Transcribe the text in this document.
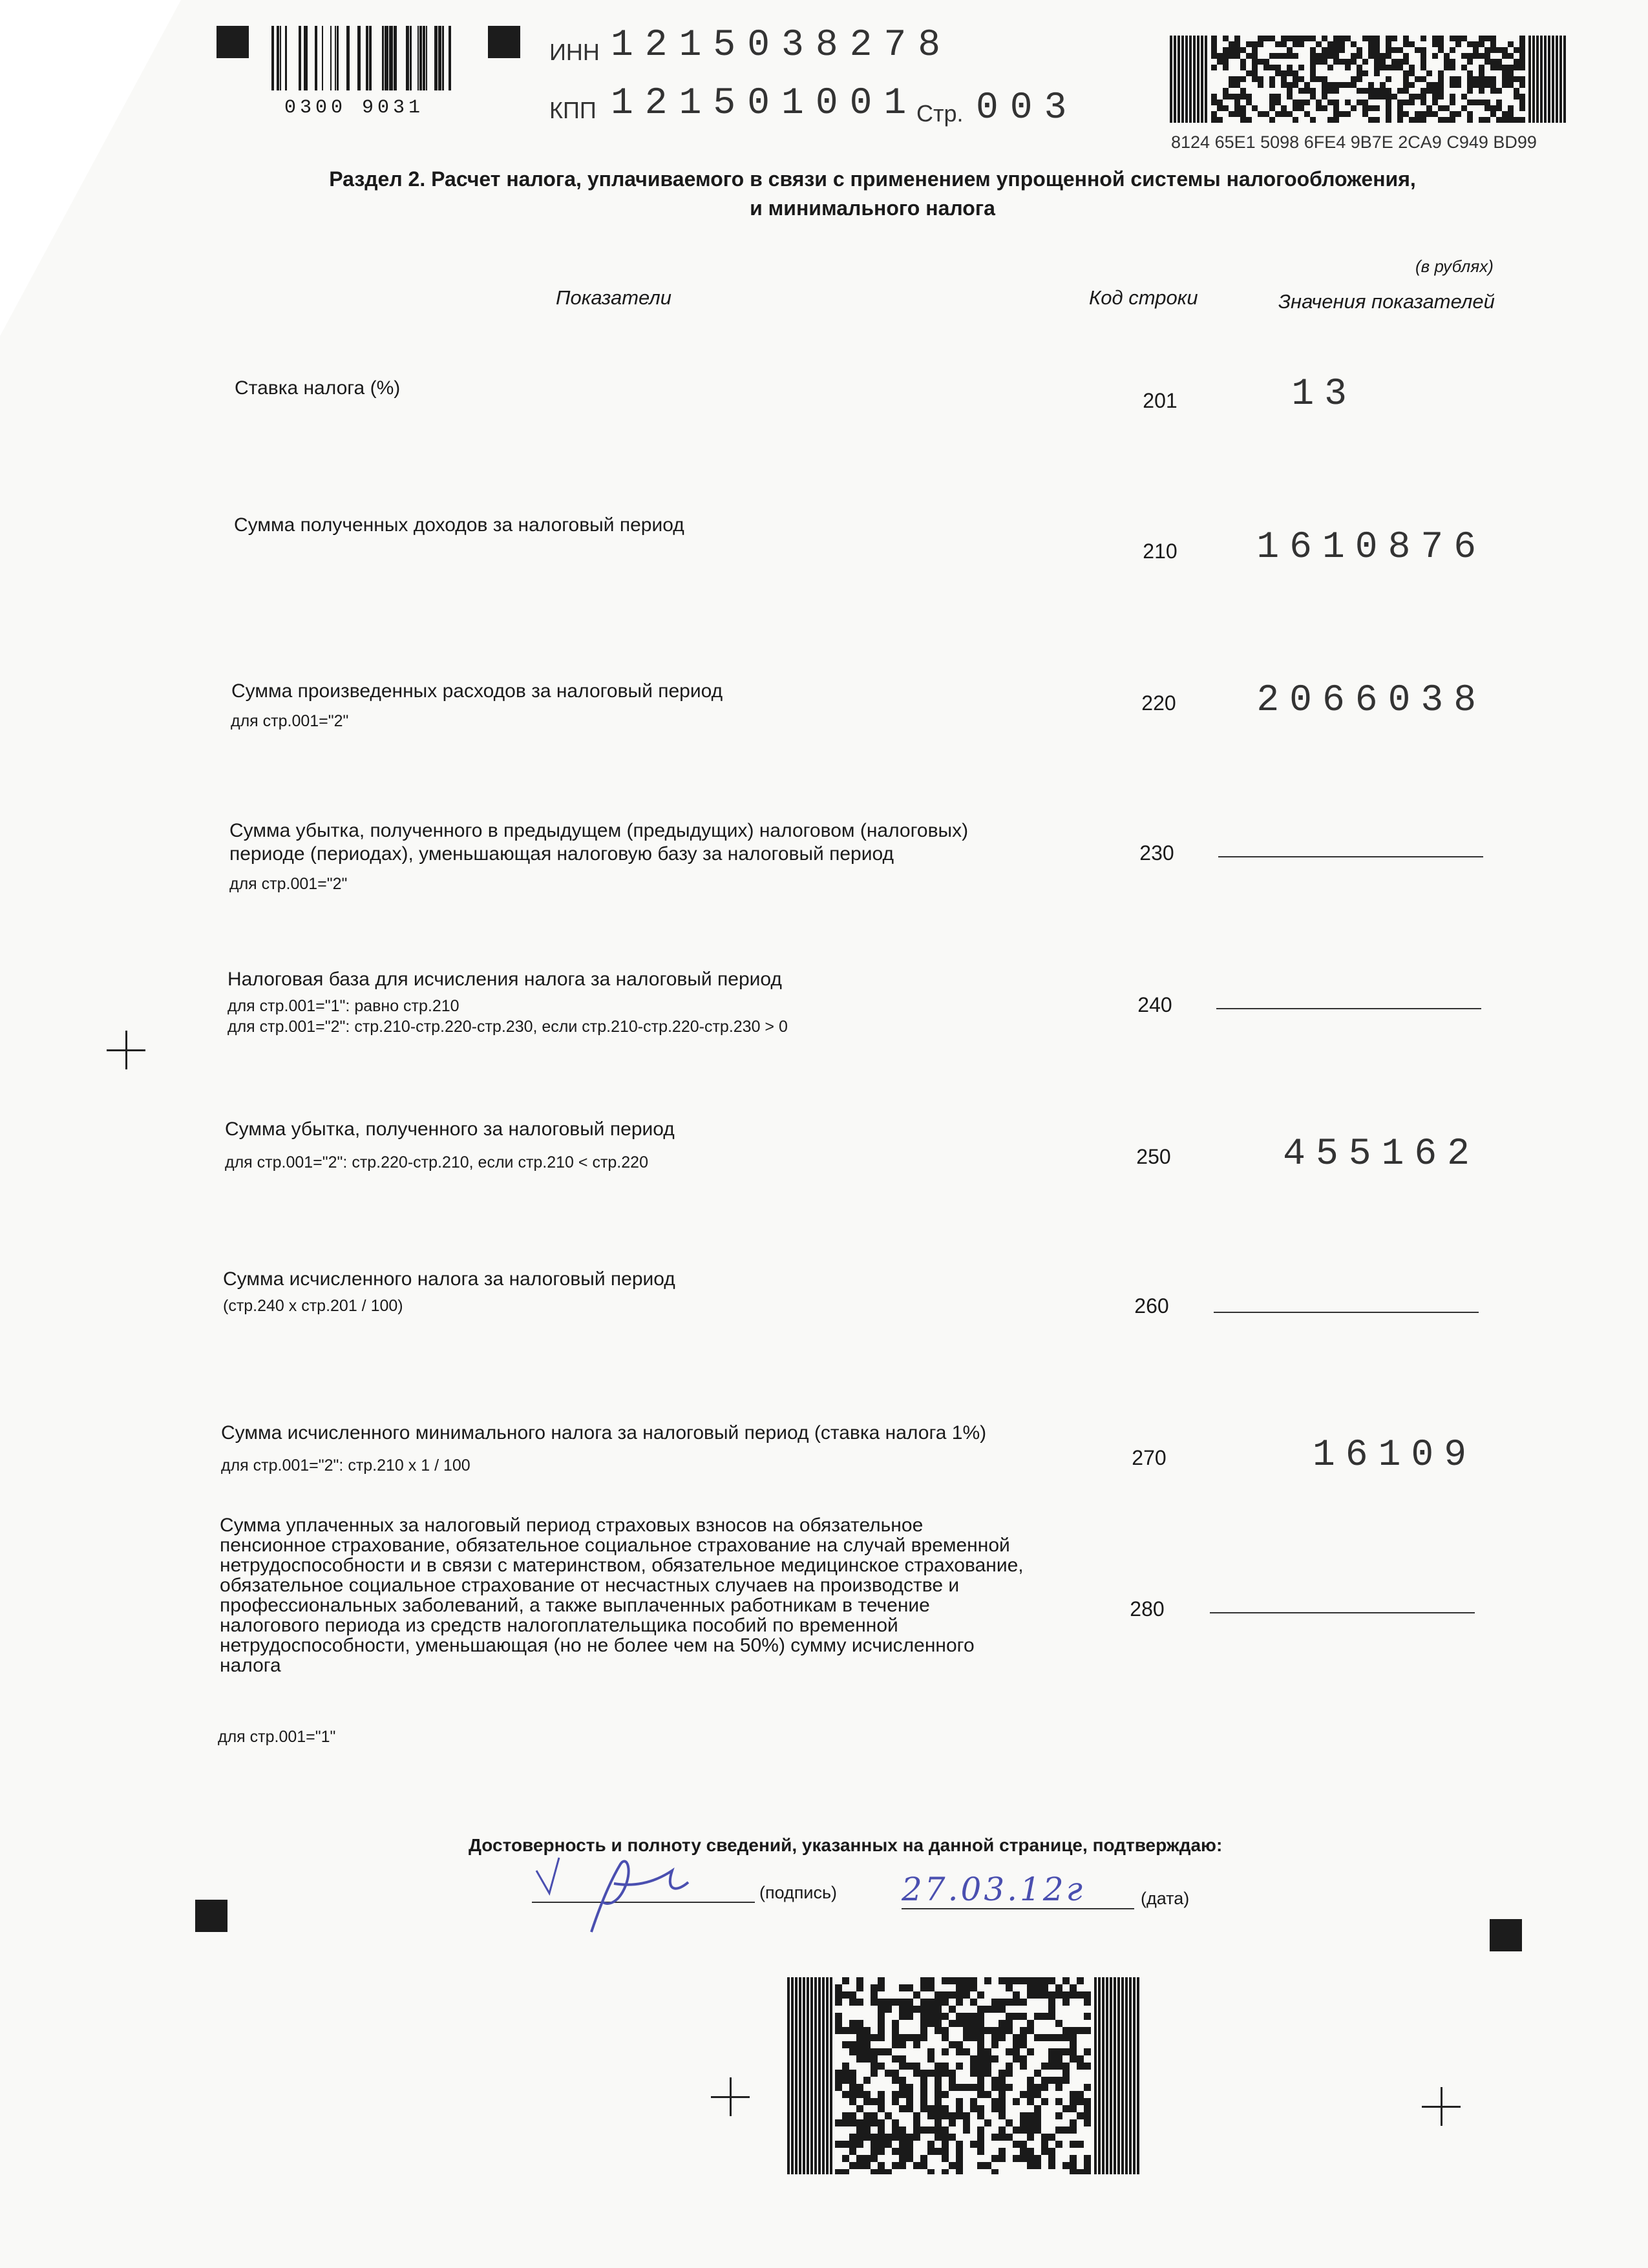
0300 9031
ИНН 1215038278
КПП 121501001
Стр. 003
8124 65E1 5098 6FE4 9B7E 2CA9 C949 BD99
Раздел 2. Расчет налога, уплачиваемого в связи с применением упрощенной системы налогообложения,
и минимального налога
(в рублях)
Показатели	Код строки	Значения показателей
Ставка налога (%)
201	13
Сумма полученных доходов за налоговый период
210	1610876
Сумма произведенных расходов за налоговый период
для стр.001="2"
220	2066038
Сумма убытка, полученного в предыдущем (предыдущих) налоговом (налоговых)
периоде (периодах), уменьшающая налоговую базу за налоговый период
для стр.001="2"
230
Налоговая база для исчисления налога за налоговый период
для стр.001="1": равно стр.210
для стр.001="2": стр.210-стр.220-стр.230, если стр.210-стр.220-стр.230 > 0
240
Сумма убытка, полученного за налоговый период
для стр.001="2": стр.220-стр.210, если стр.210 < стр.220	250	455162
Сумма исчисленного налога за налоговый период
(стр.240 х стр.201 / 100)	260
Сумма исчисленного минимального налога за налоговый период (ставка налога 1%)
для стр.001="2": стр.210 х 1 / 100	270	16109
Сумма уплаченных за налоговый период страховых взносов на обязательное
пенсионное страхование, обязательное социальное страхование на случай временной
нетрудоспособности и в связи с материнством, обязательное медицинское страхование,
обязательное социальное страхование от несчастных случаев на производстве и
профессиональных заболеваний, а также выплаченных работникам в течение
налогового периода из средств налогоплательщика пособий по временной
нетрудоспособности, уменьшающая (но не более чем на 50%) сумму исчисленного
налога
для стр.001="1"
280
Достоверность и полноту сведений, указанных на данной странице, подтверждаю:
(подпись) 27.03.12г	(дата)
